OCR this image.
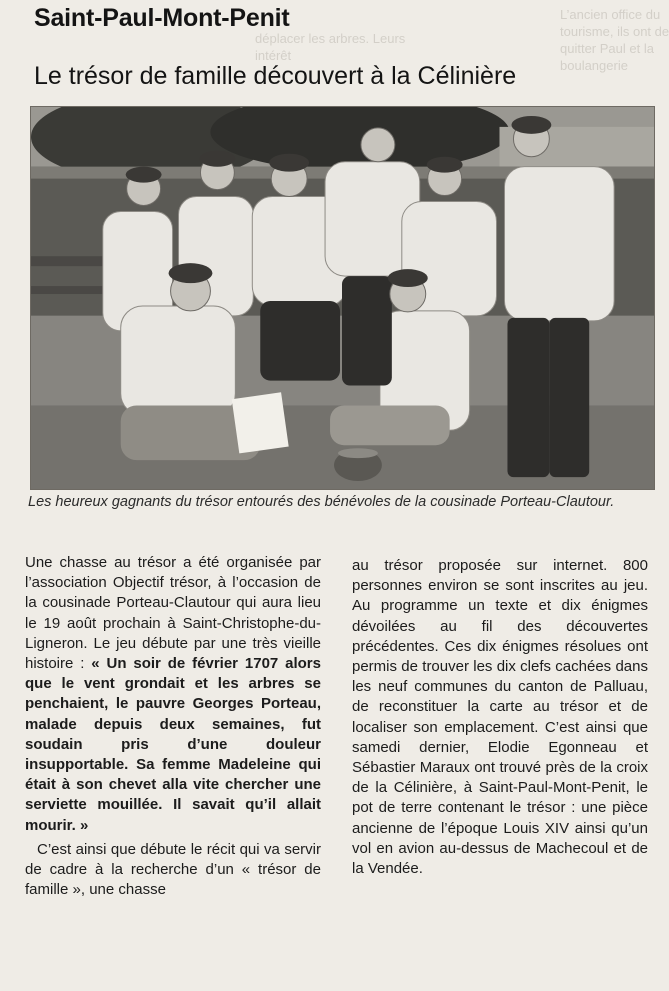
L’ancien office du tourisme, ils ont de quitter Paul et la boulangerie
déplacer les arbres. Leurs intérêt
Saint-Paul-Mont-Penit
Le trésor de famille découvert à la Célinière

Les heureux gagnants du trésor entourés des bénévoles de la cousinade Porteau-Clautour.

Une chasse au trésor a été organisée par l’association Objectif trésor, à l’occasion de la cousinade Porteau-Clautour qui aura lieu le 19 août prochain à Saint-Christophe-du-Ligneron. Le jeu débute par une très vieille histoire : « Un soir de février 1707 alors que le vent grondait et les arbres se penchaient, le pauvre Georges Porteau, malade depuis deux semaines, fut soudain pris d’une douleur insupportable. Sa femme Madeleine qui était à son chevet alla vite chercher une serviette mouillée. Il savait qu’il allait mourir. »

C’est ainsi que débute le récit qui va servir de cadre à la recherche d’un « trésor de famille », une chasse

au trésor proposée sur internet. 800 personnes environ se sont inscrites au jeu. Au programme un texte et dix énigmes dévoilées au fil des découvertes précédentes. Ces dix énigmes résolues ont permis de trouver les dix clefs cachées dans les neuf communes du canton de Palluau, de reconstituer la carte au trésor et de localiser son emplacement. C’est ainsi que samedi dernier, Elodie Egonneau et Sébastier Maraux ont trouvé près de la croix de la Célinière, à Saint-Paul-Mont-Penit, le pot de terre contenant le trésor : une pièce ancienne de l’époque Louis XIV ainsi qu’un vol en avion au-dessus de Machecoul et de la Vendée.
